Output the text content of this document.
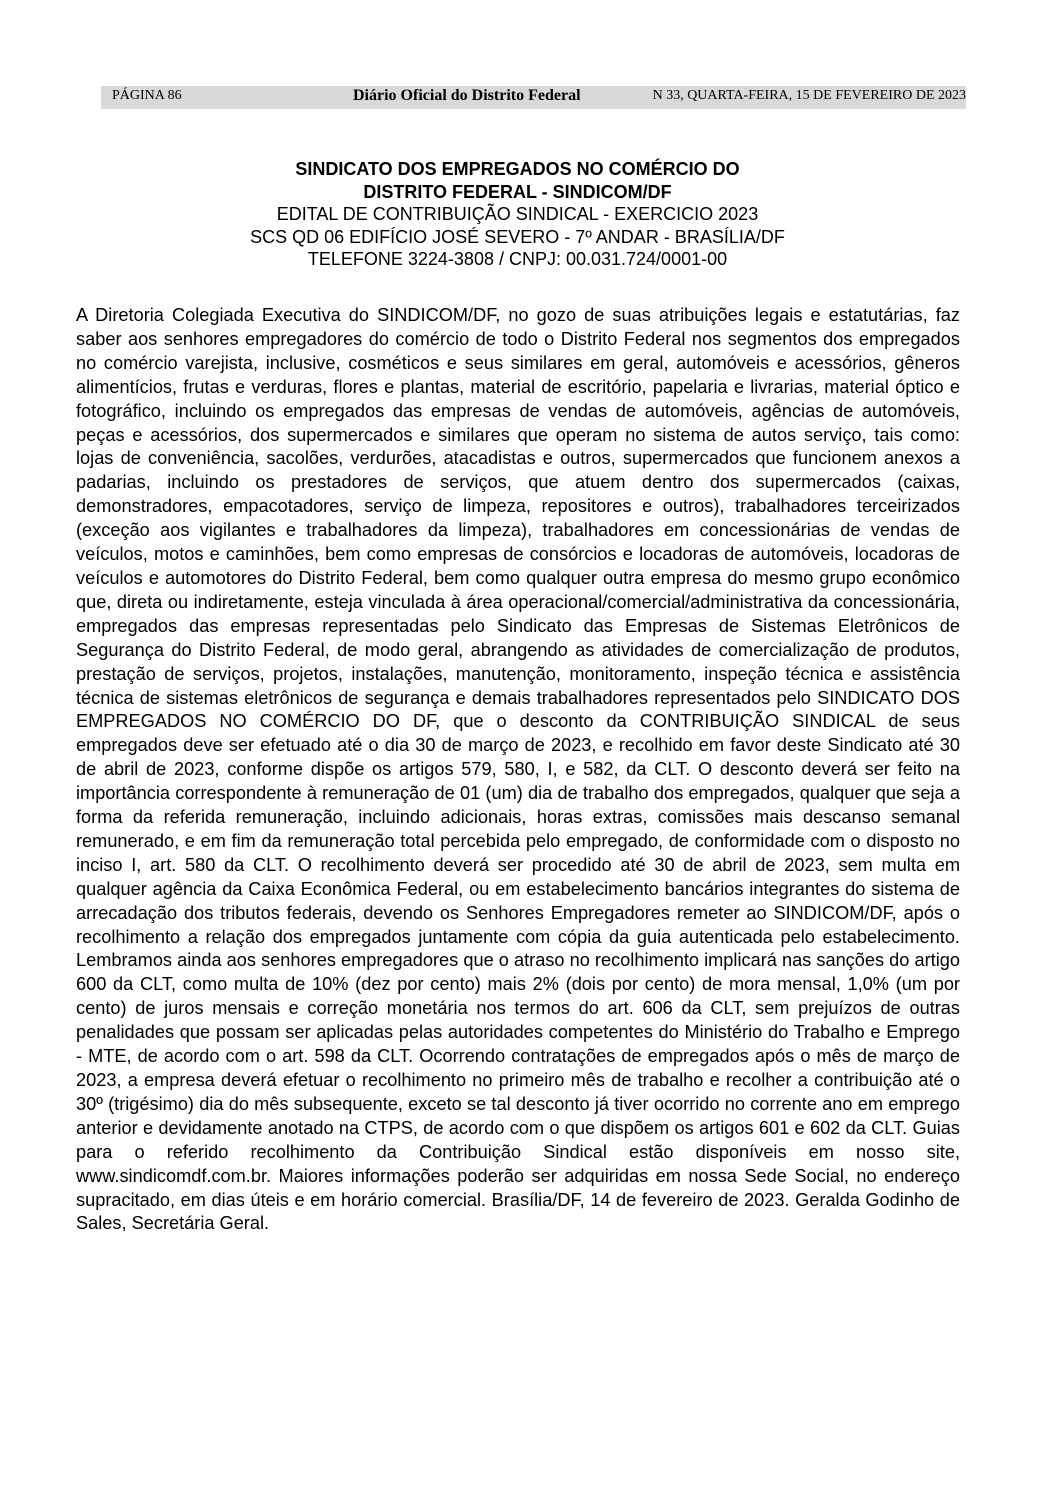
PÁGINA 86	Diário Oficial do Distrito Federal	N 33, QUARTA-FEIRA, 15 DE FEVEREIRO DE 2023
SINDICATO DOS EMPREGADOS NO COMÉRCIO DO
DISTRITO FEDERAL - SINDICOM/DF
EDITAL DE CONTRIBUIÇÃO SINDICAL - EXERCICIO 2023
SCS QD 06 EDIFÍCIO JOSÉ SEVERO - 7º ANDAR - BRASÍLIA/DF
TELEFONE 3224-3808 / CNPJ: 00.031.724/0001-00

A Diretoria Colegiada Executiva do SINDICOM/DF, no gozo de suas atribuições legais e estatutárias, faz saber aos senhores empregadores do comércio de todo o Distrito Federal nos segmentos dos empregados no comércio varejista, inclusive, cosméticos e seus similares em geral, automóveis e acessórios, gêneros alimentícios, frutas e verduras, flores e plantas, material de escritório, papelaria e livrarias, material óptico e fotográfico, incluindo os empregados das empresas de vendas de automóveis, agências de automóveis, peças e acessórios, dos supermercados e similares que operam no sistema de autos serviço, tais como: lojas de conveniência, sacolões, verdurões, atacadistas e outros, supermercados que funcionem anexos a padarias, incluindo os prestadores de serviços, que atuem dentro dos supermercados (caixas, demonstradores, empacotadores, serviço de limpeza, repositores e outros), trabalhadores terceirizados (exceção aos vigilantes e trabalhadores da limpeza), trabalhadores em concessionárias de vendas de veículos, motos e caminhões, bem como empresas de consórcios e locadoras de automóveis, locadoras de veículos e automotores do Distrito Federal, bem como qualquer outra empresa do mesmo grupo econômico que, direta ou indiretamente, esteja vinculada à área operacional/comercial/administrativa da concessionária, empregados das empresas representadas pelo Sindicato das Empresas de Sistemas Eletrônicos de Segurança do Distrito Federal, de modo geral, abrangendo as atividades de comercialização de produtos, prestação de serviços, projetos, instalações, manutenção, monitoramento, inspeção técnica e assistência técnica de sistemas eletrônicos de segurança e demais trabalhadores representados pelo SINDICATO DOS EMPREGADOS NO COMÉRCIO DO DF, que o desconto da CONTRIBUIÇÃO SINDICAL de seus empregados deve ser efetuado até o dia 30 de março de 2023, e recolhido em favor deste Sindicato até 30 de abril de 2023, conforme dispõe os artigos 579, 580, I, e 582, da CLT. O desconto deverá ser feito na importância correspondente à remuneração de 01 (um) dia de trabalho dos empregados, qualquer que seja a forma da referida remuneração, incluindo adicionais, horas extras, comissões mais descanso semanal remunerado, e em fim da remuneração total percebida pelo empregado, de conformidade com o disposto no inciso I, art. 580 da CLT. O recolhimento deverá ser procedido até 30 de abril de 2023, sem multa em qualquer agência da Caixa Econômica Federal, ou em estabelecimento bancários integrantes do sistema de arrecadação dos tributos federais, devendo os Senhores Empregadores remeter ao SINDICOM/DF, após o recolhimento a relação dos empregados juntamente com cópia da guia autenticada pelo estabelecimento. Lembramos ainda aos senhores empregadores que o atraso no recolhimento implicará nas sanções do artigo 600 da CLT, como multa de 10% (dez por cento) mais 2% (dois por cento) de mora mensal, 1,0% (um por cento) de juros mensais e correção monetária nos termos do art. 606 da CLT, sem prejuízos de outras penalidades que possam ser aplicadas pelas autoridades competentes do Ministério do Trabalho e Emprego - MTE, de acordo com o art. 598 da CLT. Ocorrendo contratações de empregados após o mês de março de 2023, a empresa deverá efetuar o recolhimento no primeiro mês de trabalho e recolher a contribuição até o 30º (trigésimo) dia do mês subsequente, exceto se tal desconto já tiver ocorrido no corrente ano em emprego anterior e devidamente anotado na CTPS, de acordo com o que dispõem os artigos 601 e 602 da CLT. Guias para o referido recolhimento da Contribuição Sindical estão disponíveis em nosso site, www.sindicomdf.com.br. Maiores informações poderão ser adquiridas em nossa Sede Social, no endereço supracitado, em dias úteis e em horário comercial. Brasília/DF, 14 de fevereiro de 2023. Geralda Godinho de Sales, Secretária Geral.
